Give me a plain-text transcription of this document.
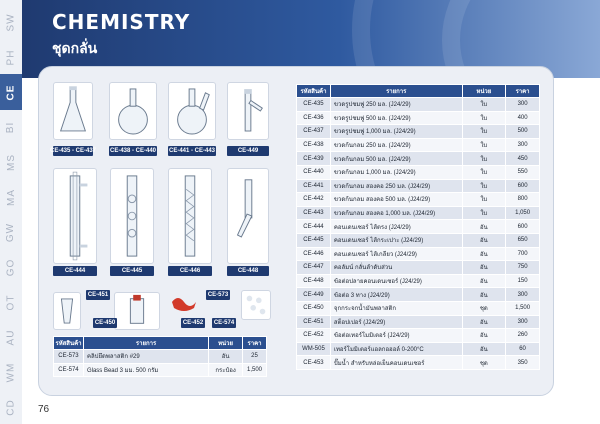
SW
PH
CE
BI
MS
MA
GW
GO
OT
AU
WM
CD
CHEMISTRY
ชุดกลั่น
CE-435 - CE-437 CE-438 - CE-440 CE-441 - CE-443	CE-449
CE-444	CE-445	CE-446	CE-448
CE-451
CE-450	CE-452
CE-573
CE-574
รหัสสินค้า	รายการ	หน่วย	ราคา
CE-573	คลิปยึดพลาสติก #29	อัน	25
CE-574	Glass Bead 3 มม. 500 กรัม	กระป๋อง	1,500
รหัสสินค้า	รายการ	หน่วย	ราคา
CE-435	ขวดรูปชมพู่ 250 มล. (J24/29)	ใบ	300
CE-436	ขวดรูปชมพู่ 500 มล. (J24/29)	ใบ	400
CE-437	ขวดรูปชมพู่ 1,000 มล. (J24/29)	ใบ	500
CE-438	ขวดก้นกลม 250 มล. (J24/29)	ใบ	300
CE-439	ขวดก้นกลม 500 มล. (J24/29)	ใบ	450
CE-440	ขวดก้นกลม 1,000 มล. (J24/29)	ใบ	550
CE-441	ขวดก้นกลม สองคอ 250 มล. (J24/29)	ใบ	600
CE-442	ขวดก้นกลม สองคอ 500 มล. (J24/29)	ใบ	800
CE-443	ขวดก้นกลม สองคอ 1,000 มล. (J24/29)	ใบ	1,050
CE-444	คอนเดนเซอร์ ไส้ตรง (J24/29)	อัน	600
CE-445	คอนเดนเซอร์ ไส้กระเปาะ (J24/29)	อัน	650
CE-446	คอนเดนเซอร์ ไส้เกลียว (J24/29)	อัน	700
CE-447	คอลัมน์ กลั่นลำดับส่วน	อัน	750
CE-448	ข้อต่อปลายคอนเดนเซอร์ (J24/29)	อัน	150
CE-449	ข้อต่อ 3 ทาง (J24/29)	อัน	300
CE-450	จุกกระจกน้ำมันพลาสติก	ชุด	1,500
CE-451	สต็อปเปอร์ (J24/29)	อัน	300
CE-452	ข้อต่อเทอร์โมมิเตอร์ (J24/29)	อัน	260
WM-505	เทอร์โมมิเตอร์แอลกอฮอล์ 0-200°C	อัน	60
CE-453	ปั๊มน้ำ สำหรับหล่อเย็นคอนเดนเซอร์	ชุด	350
76
